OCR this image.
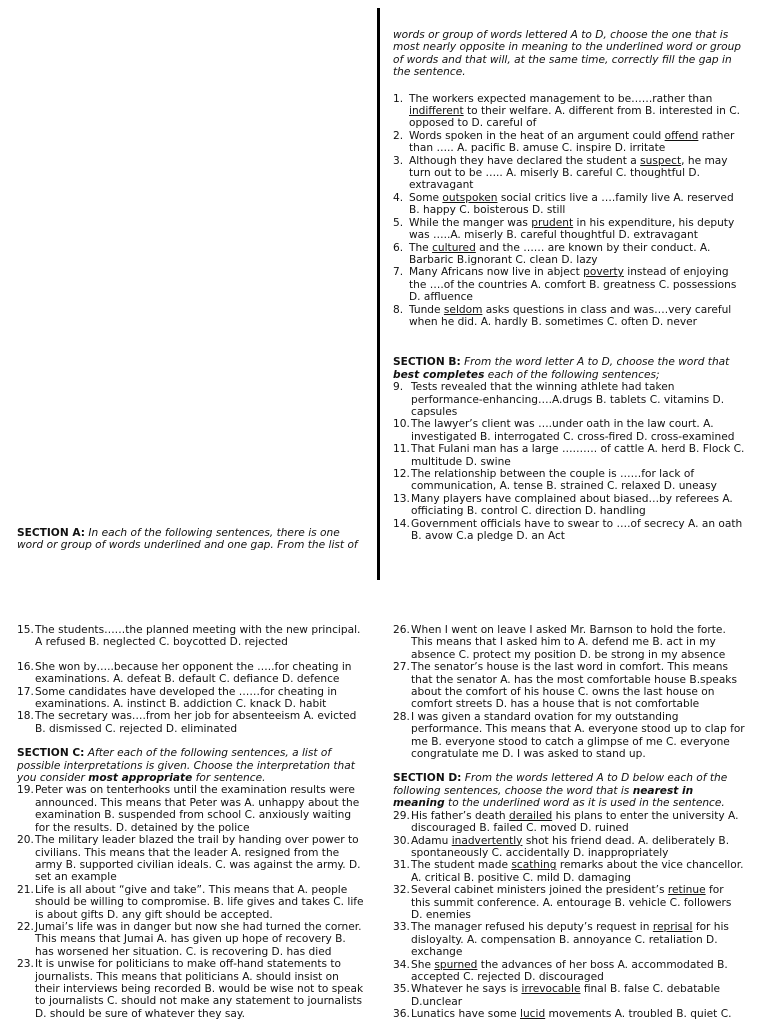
SECTION A: In each of the following sentences, there is one

word or group of words underlined and one gap. From the list of

words or group of words lettered A to D, choose the one that is most nearly opposite in meaning to the underlined word or group of words and that will, at the same time, correctly fill the gap in the sentence.

1. The workers expected management to be……rather than indifferent to their welfare. A. different from B. interested in C. opposed to D. careful of
2. Words spoken in the heat of an argument could offend rather than ….. A. pacific B. amuse C. inspire D. irritate
3. Although they have declared the student a suspect, he may turn out to be ….. A. miserly B. careful C. thoughtful D. extravagant
4. Some outspoken social critics live a ….family live A. reserved B. happy C. boisterous D. still
5. While the manger was prudent in his expenditure, his deputy was …..A. miserly B. careful thoughtful D. extravagant
6. The cultured and the …… are known by their conduct. A. Barbaric B.ignorant C. clean D. lazy
7. Many Africans now live in abject poverty instead of enjoying the ….of the countries A. comfort B. greatness C. possessions D. affluence
8. Tunde seldom asks questions in class and was….very careful when he did. A. hardly B. sometimes C. often D. never

SECTION B: From the word letter A to D, choose the word that best completes each of the following sentences;

9. Tests revealed that the winning athlete had taken performance-enhancing….A.drugs B. tablets C. vitamins D. capsules
10. The lawyer’s client was ….under oath in the law court. A. investigated B. interrogated C. cross-fired D. cross-examined
11. That Fulani man has a large ………. of cattle A. herd B. Flock C. multitude D. swine
12. The relationship between the couple is ……for lack of communication, A. tense B. strained C. relaxed D. uneasy
13. Many players have complained about biased…by referees A. officiating B. control C. direction D. handling
14. Government officials have to swear to ….of secrecy A. an oath B. avow C.a pledge D. an Act
15. The students……the planned meeting with the new principal. A refused B. neglected C. boycotted D. rejected
16. She won by…..because her opponent the …..for cheating in examinations. A. defeat B. default C. defiance D. defence
17. Some candidates have developed the ……for cheating in examinations. A. instinct B. addiction C. knack D. habit
18. The secretary was….from her job for absenteeism A. evicted B. dismissed C. rejected D. eliminated

SECTION C: After each of the following sentences, a list of possible interpretations is given. Choose the interpretation that you consider most appropriate for sentence.

19. Peter was on tenterhooks until the examination results were announced. This means that Peter was A. unhappy about the examination B. suspended from school C. anxiously waiting for the results. D. detained by the police
20. The military leader blazed the trail by handing over power to civilians. This means that the leader A. resigned from the army B. supported civilian ideals. C. was against the army. D. set an example
21. Life is all about “give and take”. This means that A. people should be willing to compromise. B. life gives and takes C. life is about gifts D. any gift should be accepted.
22. Jumai’s life was in danger but now she had turned the corner. This means that Jumai A. has given up hope of recovery B. has worsened her situation. C. is recovering D. has died
23. It is unwise for politicians to make off-hand statements to journalists. This means that politicians A. should insist on their interviews being recorded B. would be wise not to speak to journalists C. should not make any statement to journalists D. should be sure of whatever they say.
26. When I went on leave I asked Mr. Barnson to hold the forte. This means that I asked him to A. defend me B. act in my absence C. protect my position D. be strong in my absence
27. The senator’s house is the last word in comfort. This means that the senator A. has the most comfortable house B.speaks about the comfort of his house C. owns the last house on comfort streets D. has a house that is not comfortable
28. I was given a standard ovation for my outstanding performance. This means that A. everyone stood up to clap for me B. everyone stood to catch a glimpse of me C. everyone congratulate me D. I was asked to stand up.

SECTION D: From the words lettered A to D below each of the following sentences, choose the word that is nearest in meaning to the underlined word as it is used in the sentence.

29. His father’s death derailed his plans to enter the university A. discouraged B. failed C. moved D. ruined
30. Adamu inadvertently shot his friend dead. A. deliberately B. spontaneously C. accidentally D. inappropriately
31. The student made scathing remarks about the vice chancellor. A. critical B. positive C. mild D. damaging
32. Several cabinet ministers joined the president’s retinue for this summit conference. A. entourage B. vehicle C. followers D. enemies
33. The manager refused his deputy’s request in reprisal for his disloyalty. A. compensation B. annoyance C. retaliation D. exchange
34. She spurned the advances of her boss A. accommodated B. accepted C. rejected D. discouraged
35. Whatever he says is irrevocable final B. false C. debatable D.unclear
36. Lunatics have some lucid movements A. troubled B. quiet C.
